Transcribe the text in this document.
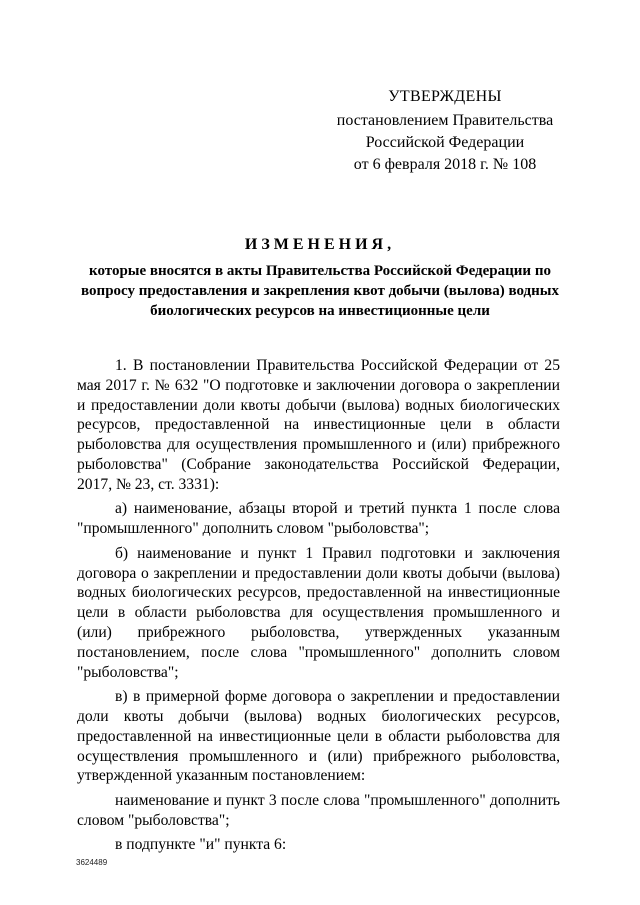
УТВЕРЖДЕНЫ
постановлением Правительства
Российской Федерации
от 6 февраля 2018 г. № 108
ИЗМЕНЕНИЯ,
которые вносятся в акты Правительства Российской Федерации по вопросу предоставления и закрепления квот добычи (вылова) водных биологических ресурсов на инвестиционные цели

1. В постановлении Правительства Российской Федерации от 25 мая 2017 г. № 632 "О подготовке и заключении договора о закреплении и предоставлении доли квоты добычи (вылова) водных биологических ресурсов, предоставленной на инвестиционные цели в области рыболовства для осуществления промышленного и (или) прибрежного рыболовства" (Собрание законодательства Российской Федерации, 2017, № 23, ст. 3331):

а) наименование, абзацы второй и третий пункта 1 после слова "промышленного" дополнить словом "рыболовства";

б) наименование и пункт 1 Правил подготовки и заключения договора о закреплении и предоставлении доли квоты добычи (вылова) водных биологических ресурсов, предоставленной на инвестиционные цели в области рыболовства для осуществления промышленного и (или) прибрежного рыболовства, утвержденных указанным постановлением, после слова "промышленного" дополнить словом "рыболовства";

в) в примерной форме договора о закреплении и предоставлении доли квоты добычи (вылова) водных биологических ресурсов, предоставленной на инвестиционные цели в области рыболовства для осуществления промышленного и (или) прибрежного рыболовства, утвержденной указанным постановлением:

наименование и пункт 3 после слова "промышленного" дополнить словом "рыболовства";

в подпункте "и" пункта 6:

3624489
